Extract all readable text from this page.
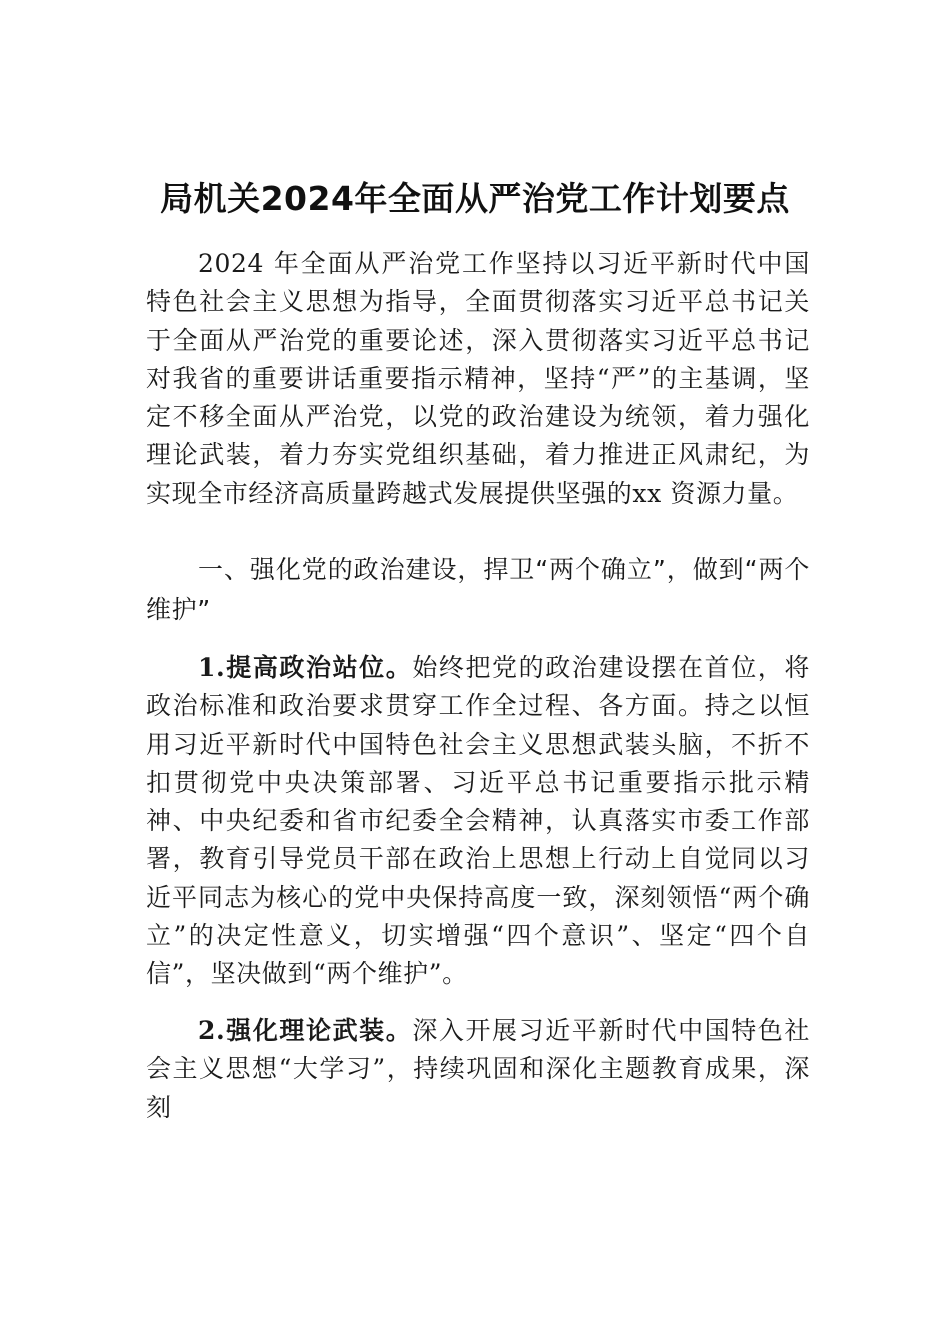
局机关2024年全面从严治党工作计划要点

2024 年全面从严治党工作坚持以习近平新时代中国特色社会主义思想为指导，全面贯彻落实习近平总书记关于全面从严治党的重要论述，深入贯彻落实习近平总书记对我省的重要讲话重要指示精神，坚持“严”的主基调，坚定不移全面从严治党，以党的政治建设为统领，着力强化理论武装，着力夯实党组织基础，着力推进正风肃纪，为实现全市经济高质量跨越式发展提供坚强的xx 资源力量。

一、强化党的政治建设，捍卫“两个确立”，做到“两个维护”

1.提高政治站位。始终把党的政治建设摆在首位，将政治标准和政治要求贯穿工作全过程、各方面。持之以恒用习近平新时代中国特色社会主义思想武装头脑，不折不扣贯彻党中央决策部署、习近平总书记重要指示批示精神、中央纪委和省市纪委全会精神，认真落实市委工作部署，教育引导党员干部在政治上思想上行动上自觉同以习近平同志为核心的党中央保持高度一致，深刻领悟“两个确立”的决定性意义，切实增强“四个意识”、坚定“四个自信”，坚决做到“两个维护”。

2.强化理论武装。深入开展习近平新时代中国特色社会主义思想“大学习”，持续巩固和深化主题教育成果，深刻
